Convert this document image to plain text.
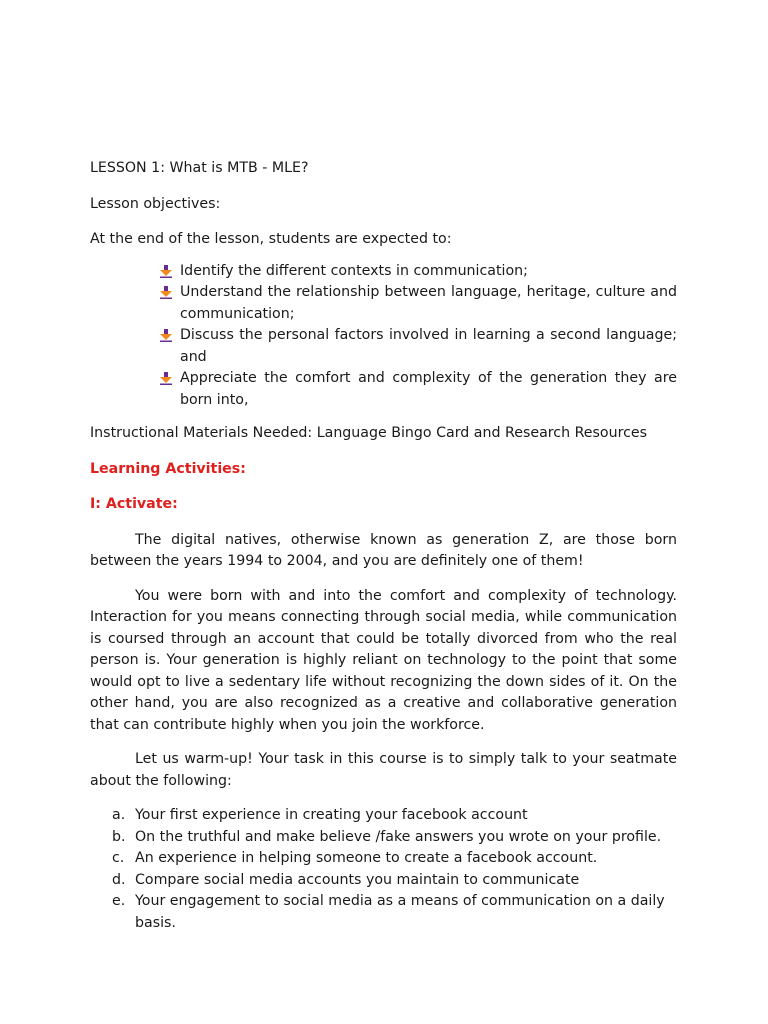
LESSON 1: What is MTB - MLE?

Lesson objectives:

At the end of the lesson, students are expected to:

Identify the different contexts in communication;
Understand the relationship between language, heritage, culture and communication;
Discuss the personal factors involved in learning a second language; and
Appreciate the comfort and complexity of the generation they are born into,

Instructional Materials Needed: Language Bingo Card and Research Resources

Learning Activities:

I: Activate:

The digital natives, otherwise known as generation Z, are those born between the years 1994 to 2004, and you are definitely one of them!

You were born with and into the comfort and complexity of technology. Interaction for you means connecting through social media, while communication is coursed through an account that could be totally divorced from who the real person is. Your generation is highly reliant on technology to the point that some would opt to live a sedentary life without recognizing the down sides of it. On the other hand, you are also recognized as a creative and collaborative generation that can contribute highly when you join the workforce.

Let us warm-up! Your task in this course is to simply talk to your seatmate about the following:

a. Your first experience in creating your facebook account
b. On the truthful and make believe /fake answers you wrote on your profile.
c. An experience in helping someone to create a facebook account.
d. Compare social media accounts you maintain to communicate
e. Your engagement to social media as a means of communication on a daily basis.
